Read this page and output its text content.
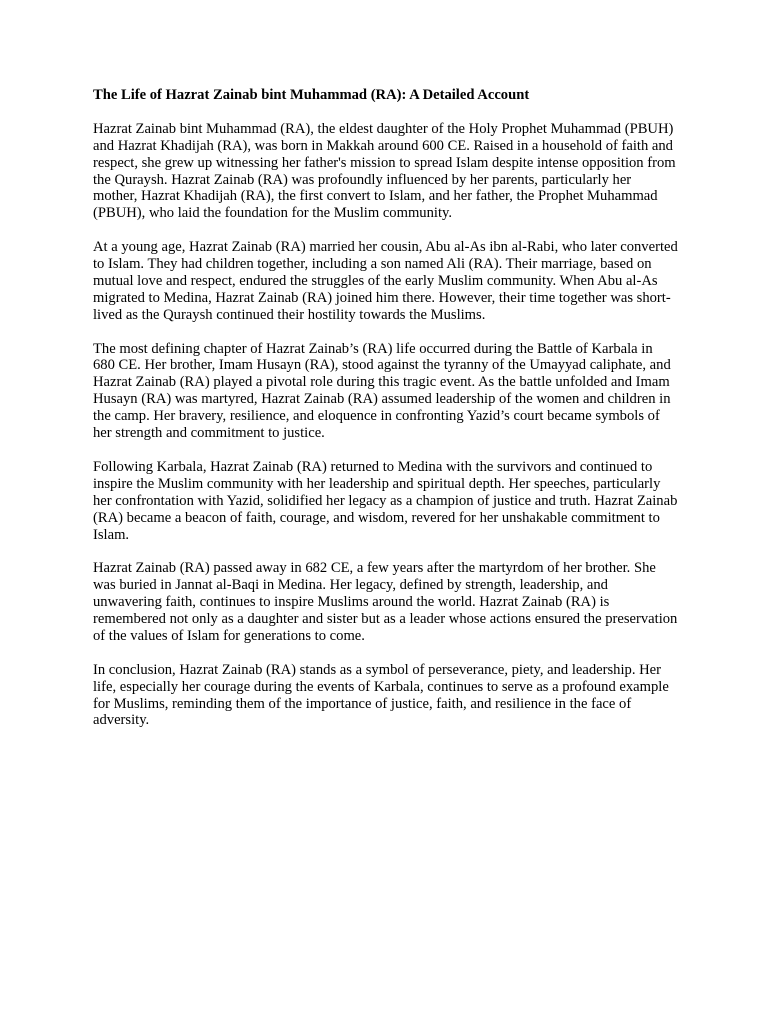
The Life of Hazrat Zainab bint Muhammad (RA): A Detailed Account
Hazrat Zainab bint Muhammad (RA), the eldest daughter of the Holy Prophet Muhammad (PBUH) and Hazrat Khadijah (RA), was born in Makkah around 600 CE. Raised in a household of faith and respect, she grew up witnessing her father's mission to spread Islam despite intense opposition from the Quraysh. Hazrat Zainab (RA) was profoundly influenced by her parents, particularly her mother, Hazrat Khadijah (RA), the first convert to Islam, and her father, the Prophet Muhammad (PBUH), who laid the foundation for the Muslim community.
At a young age, Hazrat Zainab (RA) married her cousin, Abu al-As ibn al-Rabi, who later converted to Islam. They had children together, including a son named Ali (RA). Their marriage, based on mutual love and respect, endured the struggles of the early Muslim community. When Abu al-As migrated to Medina, Hazrat Zainab (RA) joined him there. However, their time together was short-lived as the Quraysh continued their hostility towards the Muslims.
The most defining chapter of Hazrat Zainab’s (RA) life occurred during the Battle of Karbala in 680 CE. Her brother, Imam Husayn (RA), stood against the tyranny of the Umayyad caliphate, and Hazrat Zainab (RA) played a pivotal role during this tragic event. As the battle unfolded and Imam Husayn (RA) was martyred, Hazrat Zainab (RA) assumed leadership of the women and children in the camp. Her bravery, resilience, and eloquence in confronting Yazid’s court became symbols of her strength and commitment to justice.
Following Karbala, Hazrat Zainab (RA) returned to Medina with the survivors and continued to inspire the Muslim community with her leadership and spiritual depth. Her speeches, particularly her confrontation with Yazid, solidified her legacy as a champion of justice and truth. Hazrat Zainab (RA) became a beacon of faith, courage, and wisdom, revered for her unshakable commitment to Islam.
Hazrat Zainab (RA) passed away in 682 CE, a few years after the martyrdom of her brother. She was buried in Jannat al-Baqi in Medina. Her legacy, defined by strength, leadership, and unwavering faith, continues to inspire Muslims around the world. Hazrat Zainab (RA) is remembered not only as a daughter and sister but as a leader whose actions ensured the preservation of the values of Islam for generations to come.
In conclusion, Hazrat Zainab (RA) stands as a symbol of perseverance, piety, and leadership. Her life, especially her courage during the events of Karbala, continues to serve as a profound example for Muslims, reminding them of the importance of justice, faith, and resilience in the face of adversity.
